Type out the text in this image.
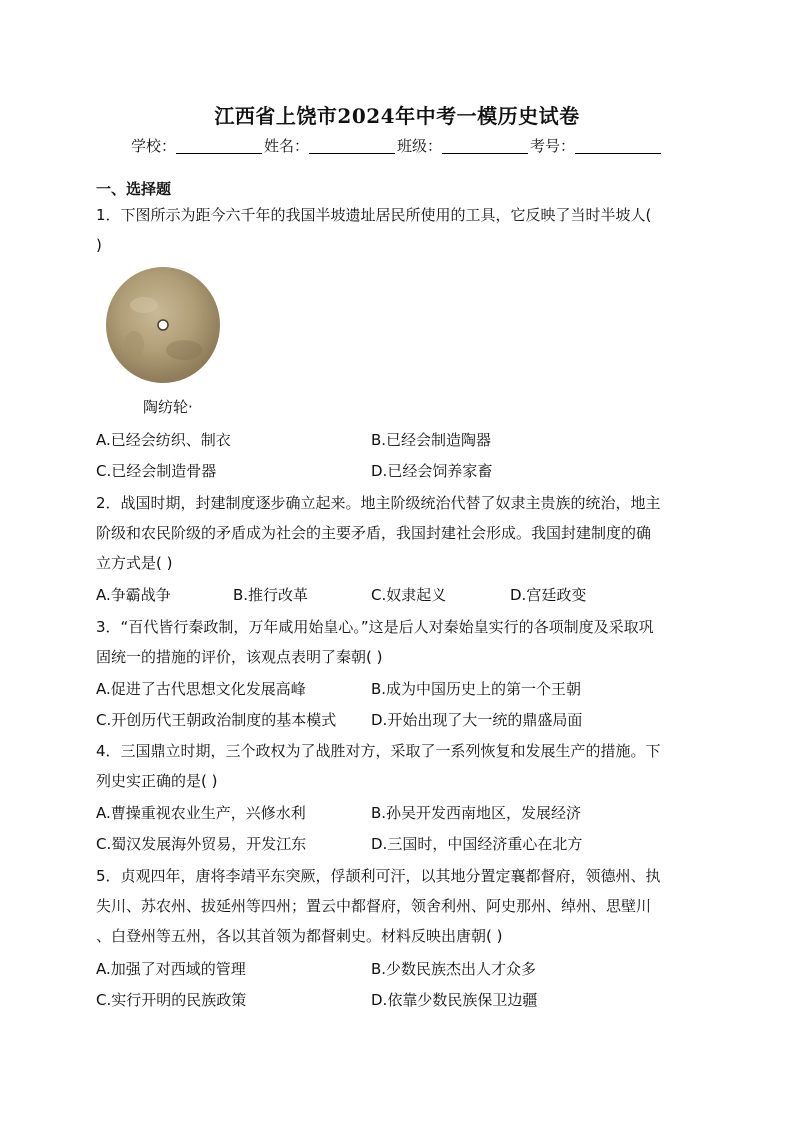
江西省上饶市2024年中考一模历史试卷
学校：	姓名：	班级：	考号：
一、选择题
1．下图所示为距今六千年的我国半坡遗址居民所使用的工具，它反映了当时半坡人(
)
陶纺轮·
A.已经会纺织、制衣	B.已经会制造陶器
C.已经会制造骨器	D.已经会饲养家畜
2．战国时期，封建制度逐步确立起来。地主阶级统治代替了奴隶主贵族的统治，地主
阶级和农民阶级的矛盾成为社会的主要矛盾，我国封建社会形成。我国封建制度的确
立方式是( )
A.争霸战争	B.推行改革	C.奴隶起义	D.宫廷政变
3．“百代皆行秦政制，万年咸用始皇心。”这是后人对秦始皇实行的各项制度及采取巩
固统一的措施的评价，该观点表明了秦朝( )
A.促进了古代思想文化发展高峰	B.成为中国历史上的第一个王朝
C.开创历代王朝政治制度的基本模式 D.开始出现了大一统的鼎盛局面
4．三国鼎立时期，三个政权为了战胜对方，采取了一系列恢复和发展生产的措施。下
列史实正确的是( )
A.曹操重视农业生产，兴修水利	B.孙吴开发西南地区，发展经济
C.蜀汉发展海外贸易，开发江东	D.三国时，中国经济重心在北方
5．贞观四年，唐将李靖平东突厥，俘颉利可汗，以其地分置定襄都督府，领德州、执
失川、苏农州、拔延州等四州；置云中都督府，领舍利州、阿史那州、绰州、思壁川
、白登州等五州，各以其首领为都督刺史。材料反映出唐朝( )
A.加强了对西域的管理	B.少数民族杰出人才众多
C.实行开明的民族政策	D.依靠少数民族保卫边疆
